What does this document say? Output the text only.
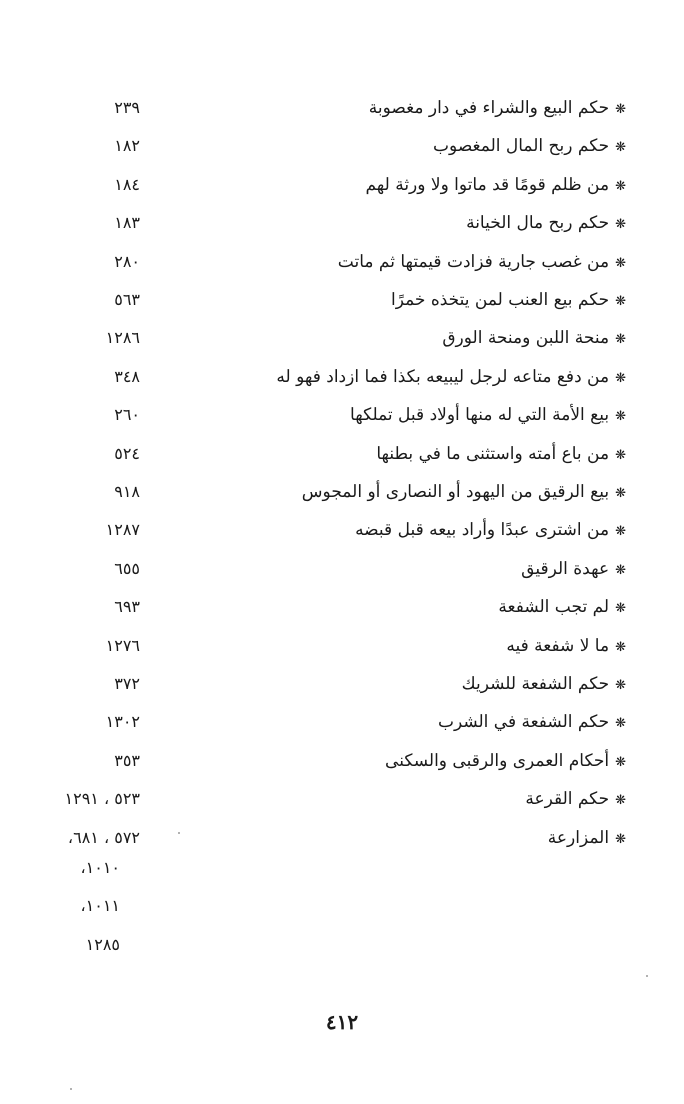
❋حكم البيع والشراء في دار مغصوبة
٢٣٩
❋حكم ربح المال المغصوب
١٨٢
❋من ظلم قومًا قد ماتوا ولا ورثة لهم
١٨٤
❋حكم ربح مال الخيانة
١٨٣
❋من غصب جارية فزادت قيمتها ثم ماتت
٢٨٠
❋حكم بيع العنب لمن يتخذه خمرًا
٥٦٣
❋منحة اللبن ومنحة الورق
١٢٨٦
❋من دفع متاعه لرجل ليبيعه بكذا فما ازداد فهو له
٣٤٨
❋بيع الأمة التي له منها أولاد قبل تملكها
٢٦٠
❋من باع أمته واستثنى ما في بطنها
٥٢٤
❋بيع الرقيق من اليهود أو النصارى أو المجوس
٩١٨
❋من اشترى عبدًا وأراد بيعه قبل قبضه
١٢٨٧
❋عهدة الرقيق
٦٥٥
❋لم تجب الشفعة
٦٩٣
❋ما لا شفعة فيه
١٢٧٦
❋حكم الشفعة للشريك
٣٧٢
❋حكم الشفعة في الشرب
١٣٠٢
❋أحكام العمرى والرقبى والسكنى
٣٥٣
❋حكم القرعة
٥٢٣ ، ١٢٩١
❋المزارعة
٥٧٢ ، ٦٨١،
١٠١٠،
١٠١١،
١٢٨٥
٤١٢
